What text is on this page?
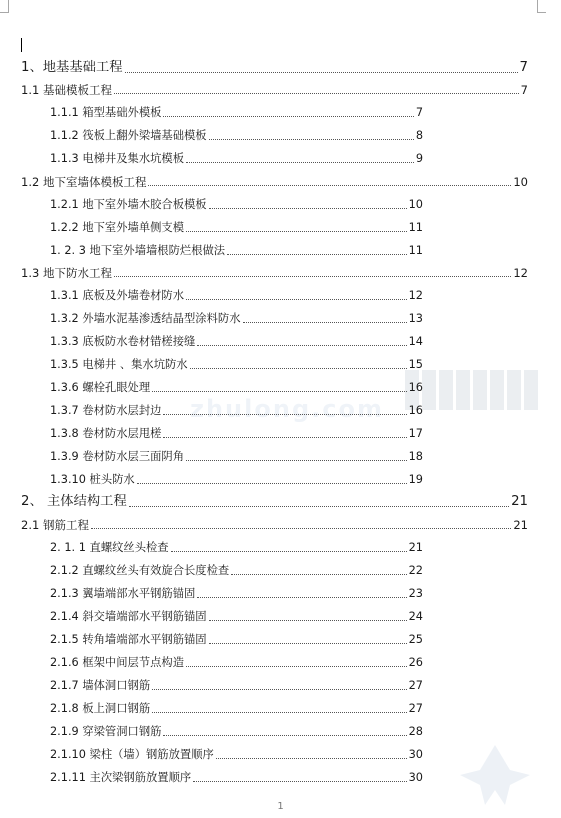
zhulong.com
1、地基基础工程	7
1.1 基础模板工程	7
1.1.1 箱型基础外模板	7
1.1.2 筏板上翻外梁墙基础模板	8
1.1.3 电梯井及集水坑模板	9
1.2 地下室墙体模板工程	10
1.2.1 地下室外墙木胶合板模板	10
1.2.2 地下室外墙单侧支模	11
1. 2. 3 地下室外墙墙根防烂根做法	11
1.3 地下防水工程	12
1.3.1 底板及外墙卷材防水	12
1.3.2 外墙水泥基渗透结晶型涂料防水	13
1.3.3 底板防水卷材错槎接缝	14
1.3.5 电梯井 、集水坑防水	15
1.3.6 螺栓孔眼处理	16
1.3.7 卷材防水层封边	16
1.3.8 卷材防水层甩槎	17
1.3.9 卷材防水层三面阴角	18
1.3.10 桩头防水	19
2、 主体结构工程	21
2.1 钢筋工程	21
2. 1. 1 直螺纹丝头检查	21
2.1.2 直螺纹丝头有效旋合长度检查	22
2.1.3 翼墙端部水平钢筋锚固	23
2.1.4 斜交墙端部水平钢筋锚固	24
2.1.5 转角墙端部水平钢筋锚固	25
2.1.6 框架中间层节点构造	26
2.1.7 墙体洞口钢筋	27
2.1.8 板上洞口钢筋	27
2.1.9 穿梁管洞口钢筋	28
2.1.10 梁柱（墙）钢筋放置顺序	30
2.1.11 主次梁钢筋放置顺序	30
1
